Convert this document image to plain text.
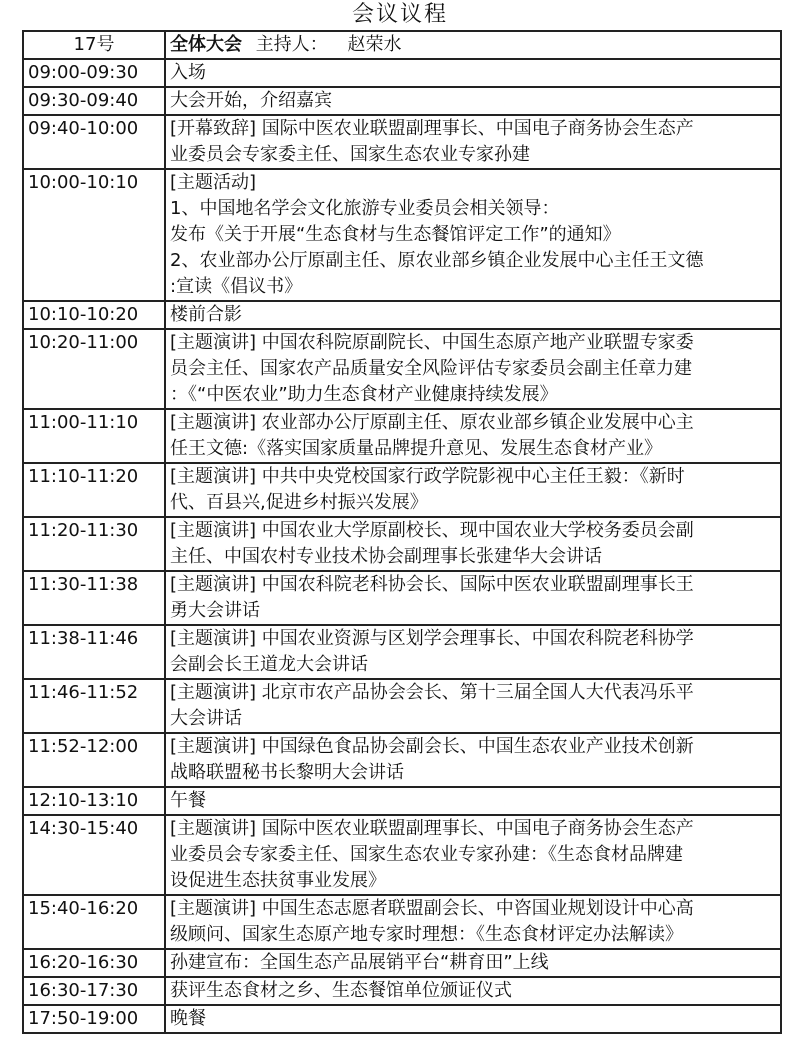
会议议程
17号	全体大会 主持人： 赵荣水
09:00-09:30	入场

09:30-09:40	大会开始，介绍嘉宾

09:40-10:00	[开幕致辞] 国际中医农业联盟副理事长、中国电子商务协会生态产
业委员会专家委主任、国家生态农业专家孙建

10:00-10:10	[主题活动]
1、中国地名学会文化旅游专业委员会相关领导：
发布《关于开展“生态食材与生态餐馆评定工作”的通知》
2、农业部办公厅原副主任、原农业部乡镇企业发展中心主任王文德
:宣读《倡议书》

10:10-10:20	楼前合影

10:20-11:00	[主题演讲] 中国农科院原副院长、中国生态原产地产业联盟专家委
员会主任、国家农产品质量安全风险评估专家委员会副主任章力建
：《“中医农业”助力生态食材产业健康持续发展》

11:00-11:10	[主题演讲] 农业部办公厅原副主任、原农业部乡镇企业发展中心主
任王文德:《落实国家质量品牌提升意见、发展生态食材产业》

11:10-11:20	[主题演讲] 中共中央党校国家行政学院影视中心主任王毅：《新时
代、百县兴,促进乡村振兴发展》

11:20-11:30	[主题演讲] 中国农业大学原副校长、现中国农业大学校务委员会副
主任、中国农村专业技术协会副理事长张建华大会讲话

11:30-11:38	[主题演讲] 中国农科院老科协会长、国际中医农业联盟副理事长王
勇大会讲话

11:38-11:46	[主题演讲] 中国农业资源与区划学会理事长、中国农科院老科协学
会副会长王道龙大会讲话

11:46-11:52	[主题演讲] 北京市农产品协会会长、第十三届全国人大代表冯乐平
大会讲话

11:52-12:00	[主题演讲] 中国绿色食品协会副会长、中国生态农业产业技术创新
战略联盟秘书长黎明大会讲话

12:10-13:10	午餐

14:30-15:40	[主题演讲] 国际中医农业联盟副理事长、中国电子商务协会生态产
业委员会专家委主任、国家生态农业专家孙建：《生态食材品牌建
设促进生态扶贫事业发展》

15:40-16:20	[主题演讲] 中国生态志愿者联盟副会长、中咨国业规划设计中心高
级顾问、国家生态原产地专家时理想：《生态食材评定办法解读》

16:20-16:30	孙建宣布：全国生态产品展销平台“耕育田”上线

16:30-17:30	获评生态食材之乡、生态餐馆单位颁证仪式

17:50-19:00	晚餐
